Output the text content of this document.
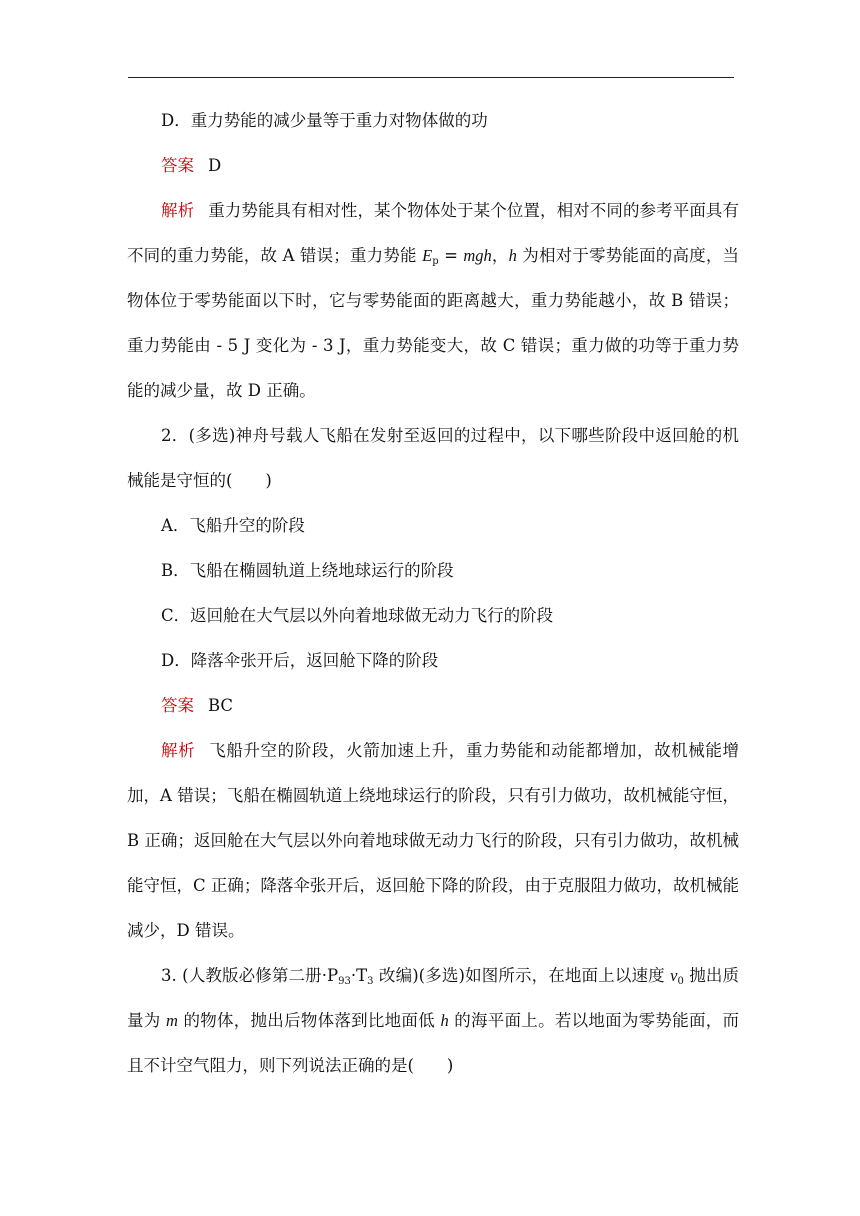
D．重力势能的减少量等于重力对物体做的功

答案 D

解析 重力势能具有相对性，某个物体处于某个位置，相对不同的参考平面具有不同的重力势能，故 A 错误；重力势能 $E_p$ = mgh，h 为相对于零势能面的高度，当物体位于零势能面以下时，它与零势能面的距离越大，重力势能越小，故 B 错误；重力势能由 - 5 J 变化为 - 3 J，重力势能变大，故 C 错误；重力做的功等于重力势能的减少量，故 D 正确。

2．(多选)神舟号载人飞船在发射至返回的过程中，以下哪些阶段中返回舱的机械能是守恒的(　　)

A．飞船升空的阶段

B．飞船在椭圆轨道上绕地球运行的阶段

C．返回舱在大气层以外向着地球做无动力飞行的阶段

D．降落伞张开后，返回舱下降的阶段

答案 BC

解析 飞船升空的阶段，火箭加速上升，重力势能和动能都增加，故机械能增加，A 错误；飞船在椭圆轨道上绕地球运行的阶段，只有引力做功，故机械能守恒，B 正确；返回舱在大气层以外向着地球做无动力飞行的阶段，只有引力做功，故机械能守恒，C 正确；降落伞张开后，返回舱下降的阶段，由于克服阻力做功，故机械能减少，D 错误。

3. (人教版必修第二册$\cdot P_{93}\cdot T_3$ 改编)(多选)如图所示，在地面上以速度 $v_0$ 抛出质量为 m 的物体，抛出后物体落到比地面低 h 的海平面上。若以地面为零势能面，而且不计空气阻力，则下列说法正确的是(　　)
